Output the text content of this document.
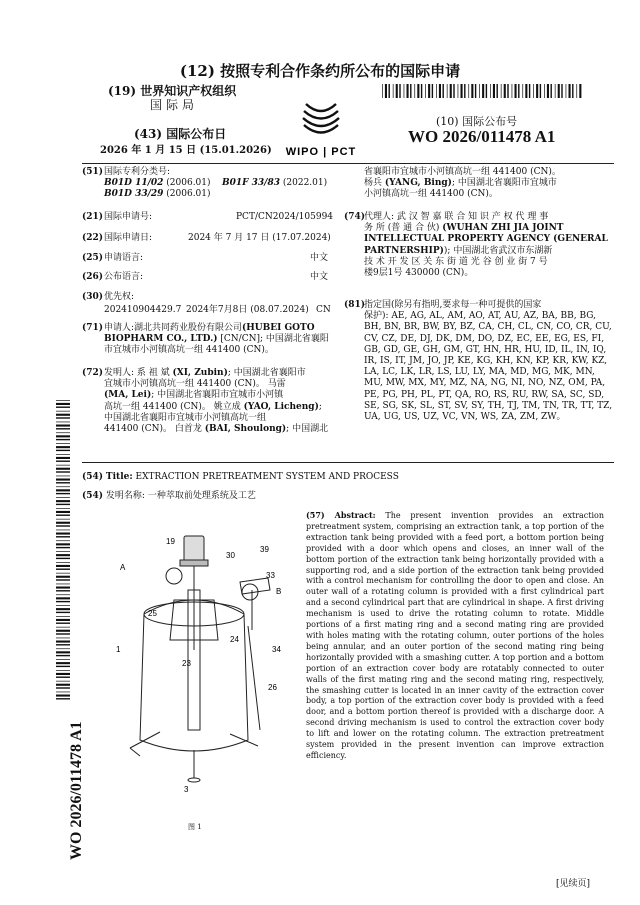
(12) 按照专利合作条约所公布的国际申请
(19) 世界知识产权组织
国际局
(43) 国际公布日
2026 年 1 月 15 日 (15.01.2026) WIPO | PCT
(10) 国际公布号
WO 2026/011478 A1
(51) 国际专利分类号:
B01D 11/02 (2006.01) B01F 33/83 (2022.01)
B01D 33/29 (2006.01)
(21) 国际申请号:	PCT/CN2024/105994
(22) 国际申请日:	2024 年 7 月 17 日 (17.07.2024)
(25) 申请语言:	中文
(26) 公布语言:	中文
(30) 优先权:
202410904429.7 2024年7月8日 (08.07.2024) CN
(71) 申请人:湖北共同药业股份有限公司(HUBEI GOTO
BIOPHARM CO., LTD.) [CN/CN]; 中国湖北省襄阳
市宜城市小河镇高坑一组 441400 (CN)。
(72) 发明人: 系 祖 斌 (XI, Zubin); 中国湖北省襄阳市
宜城市小河镇高坑一组 441400 (CN)。 马雷
(MA, Lei); 中国湖北省襄阳市宜城市小河镇
高坑一组 441400 (CN)。 姚立成 (YAO, Licheng);
中国湖北省襄阳市宜城市小河镇高坑一组
441400 (CN)。 白首龙 (BAI, Shoulong); 中国湖北
省襄阳市宜城市小河镇高坑一组 441400 (CN)。
杨兵 (YANG, Bing); 中国湖北省襄阳市宜城市
小河镇高坑一组 441400 (CN)。
(74)
代理人: 武 汉 智 嘉 联 合 知 识 产 权 代 理 事
务 所 (普 通 合 伙) (WUHAN ZHI JIA JOINT
INTELLECTUAL PROPERTY AGENCY (GENERAL
PARTNERSHIP)); 中国湖北省武汉市东湖新
技 术 开 发 区 关 东 街 道 光 谷 创 业 街 7 号
楼9层1号 430000 (CN)。
(81)
指定国(除另有指明,要求每一种可提供的国家
保护): AE, AG, AL, AM, AO, AT, AU, AZ, BA, BB, BG,
BH, BN, BR, BW, BY, BZ, CA, CH, CL, CN, CO, CR, CU,
CV, CZ, DE, DJ, DK, DM, DO, DZ, EC, EE, EG, ES, FI,
GB, GD, GE, GH, GM, GT, HN, HR, HU, ID, IL, IN, IQ,
IR, IS, IT, JM, JO, JP, KE, KG, KH, KN, KP, KR, KW, KZ,
LA, LC, LK, LR, LS, LU, LY, MA, MD, MG, MK, MN,
MU, MW, MX, MY, MZ, NA, NG, NI, NO, NZ, OM, PA,
PE, PG, PH, PL, PT, QA, RO, RS, RU, RW, SA, SC, SD,
SE, SG, SK, SL, ST, SV, SY, TH, TJ, TM, TN, TR, TT, TZ,
UA, UG, US, UZ, VC, VN, WS, ZA, ZM, ZW。
(54) Title: EXTRACTION PRETREATMENT SYSTEM AND PROCESS
(54) 发明名称: 一种萃取前处理系统及工艺
WO 2026/011478 A1
19
30
39
A
33
B
25
24
1
23
34
26
3
图 1
(57) Abstract: The present invention provides an extraction pretreatment system, comprising an extraction tank, a top portion of the extraction tank being provided with a feed port, a bottom portion being provided with a door which opens and closes, an inner wall of the bottom portion of the extraction tank being horizontally provided with a supporting rod, and a side portion of the extraction tank being provided with a control mechanism for controlling the door to open and close. An outer wall of a rotating column is provided with a first cylindrical part and a second cylindrical part that are cylindrical in shape. A first driving mechanism is used to drive the rotating column to rotate. Middle portions of a first mating ring and a second mating ring are provided with holes mating with the rotating column, outer portions of the holes being annular, and an outer portion of the second mating ring being horizontally provided with a smashing cutter. A top portion and a bottom portion of an extraction cover body are rotatably connected to outer walls of the first mating ring and the second mating ring, respectively, the smashing cutter is located in an inner cavity of the extraction cover body, a top portion of the extraction cover body is provided with a feed door, and a bottom portion thereof is provided with a discharge door. A second driving mechanism is used to control the extraction cover body to lift and lower on the rotating column. The extraction pretreatment system provided in the present invention can improve extraction efficiency.
[见续页]
